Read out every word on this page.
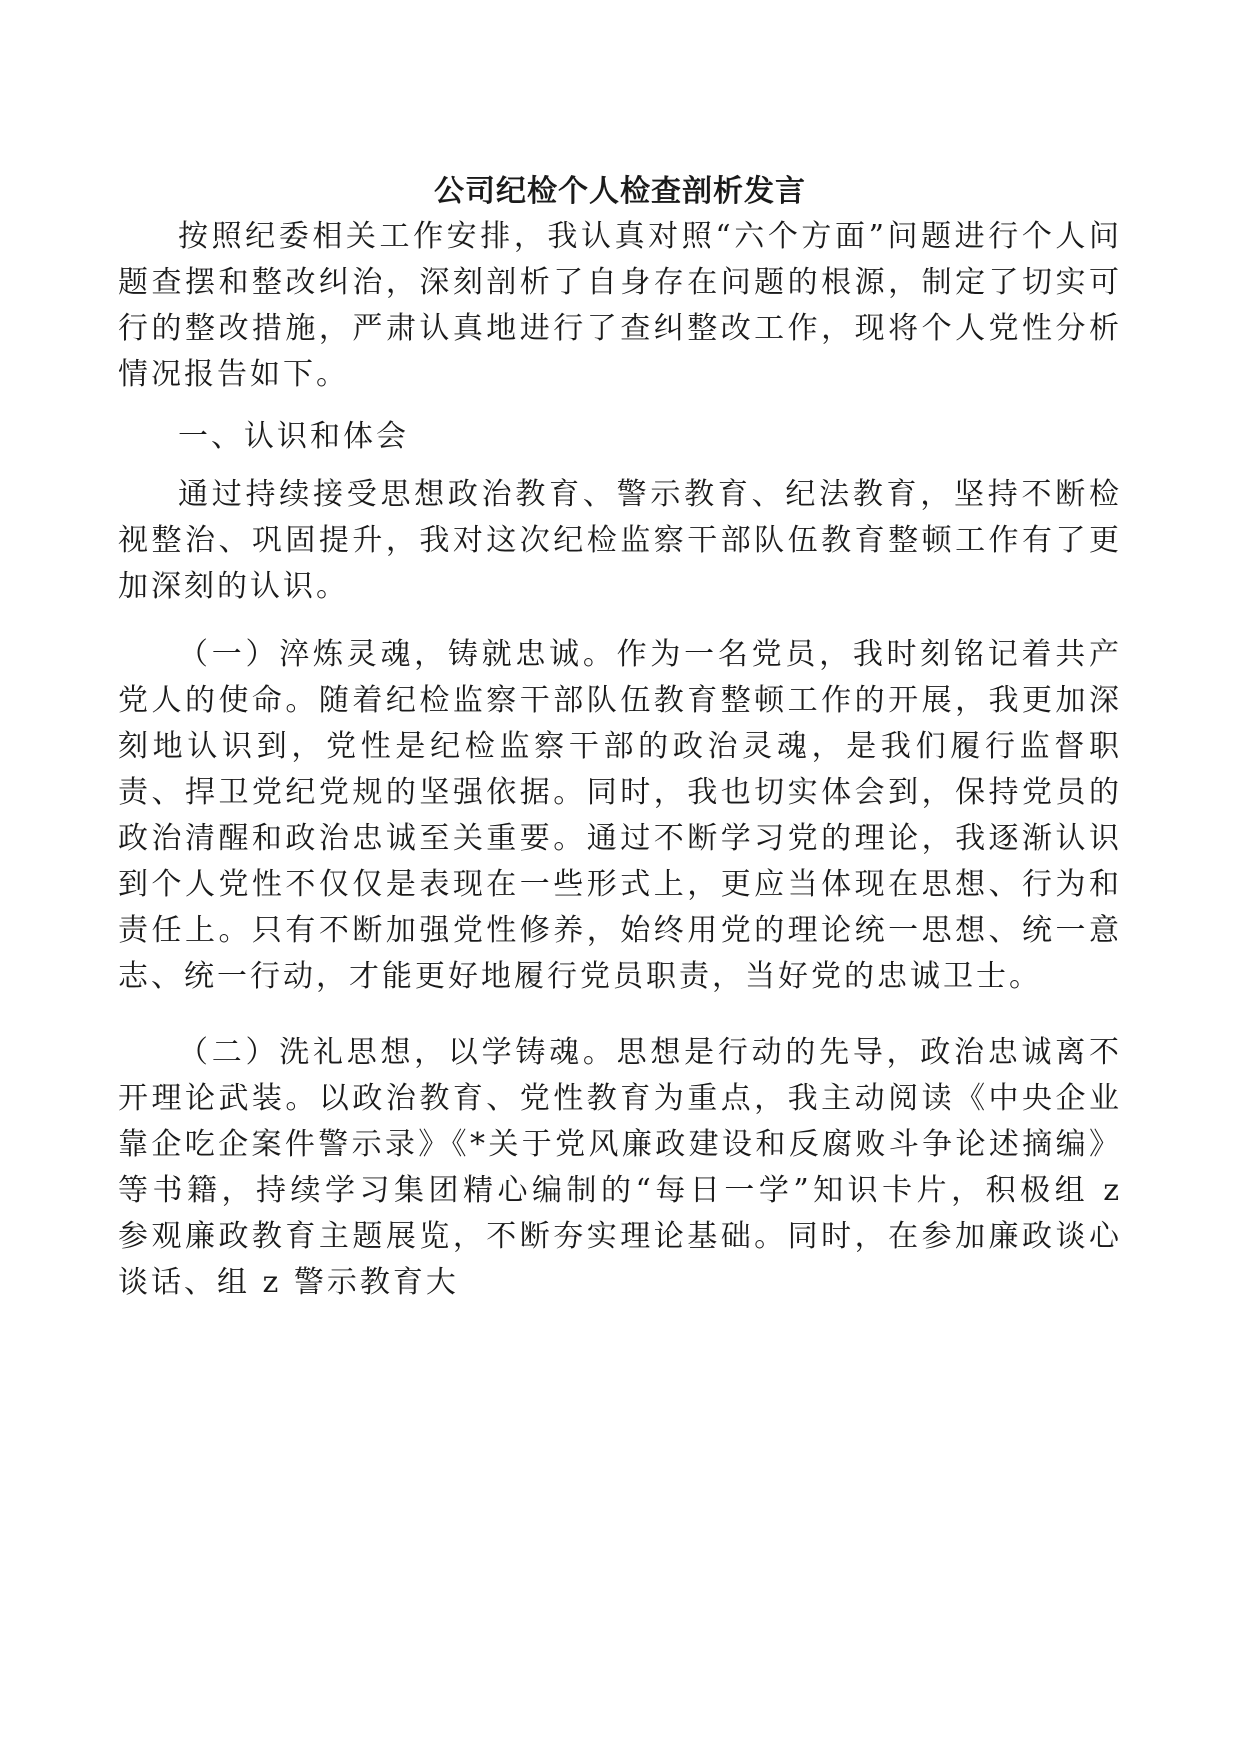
公司纪检个人检查剖析发言

按照纪委相关工作安排，我认真对照“六个方面”问题进行个人问题查摆和整改纠治，深刻剖析了自身存在问题的根源，制定了切实可行的整改措施，严肃认真地进行了查纠整改工作，现将个人党性分析情况报告如下。

一、认识和体会

通过持续接受思想政治教育、警示教育、纪法教育，坚持不断检视整治、巩固提升，我对这次纪检监察干部队伍教育整顿工作有了更加深刻的认识。

（一）淬炼灵魂，铸就忠诚。作为一名党员，我时刻铭记着共产党人的使命。随着纪检监察干部队伍教育整顿工作的开展，我更加深刻地认识到，党性是纪检监察干部的政治灵魂，是我们履行监督职责、捍卫党纪党规的坚强依据。同时，我也切实体会到，保持党员的政治清醒和政治忠诚至关重要。通过不断学习党的理论，我逐渐认识到个人党性不仅仅是表现在一些形式上，更应当体现在思想、行为和责任上。只有不断加强党性修养，始终用党的理论统一思想、统一意志、统一行动，才能更好地履行党员职责，当好党的忠诚卫士。

（二）洗礼思想，以学铸魂。思想是行动的先导，政治忠诚离不开理论武装。以政治教育、党性教育为重点，我主动阅读《中央企业靠企吃企案件警示录》《*关于党风廉政建设和反腐败斗争论述摘编》等书籍，持续学习集团精心编制的“每日一学”知识卡片，积极组 z 参观廉政教育主题展览，不断夯实理论基础。同时，在参加廉政谈心谈话、组 z 警示教育大
